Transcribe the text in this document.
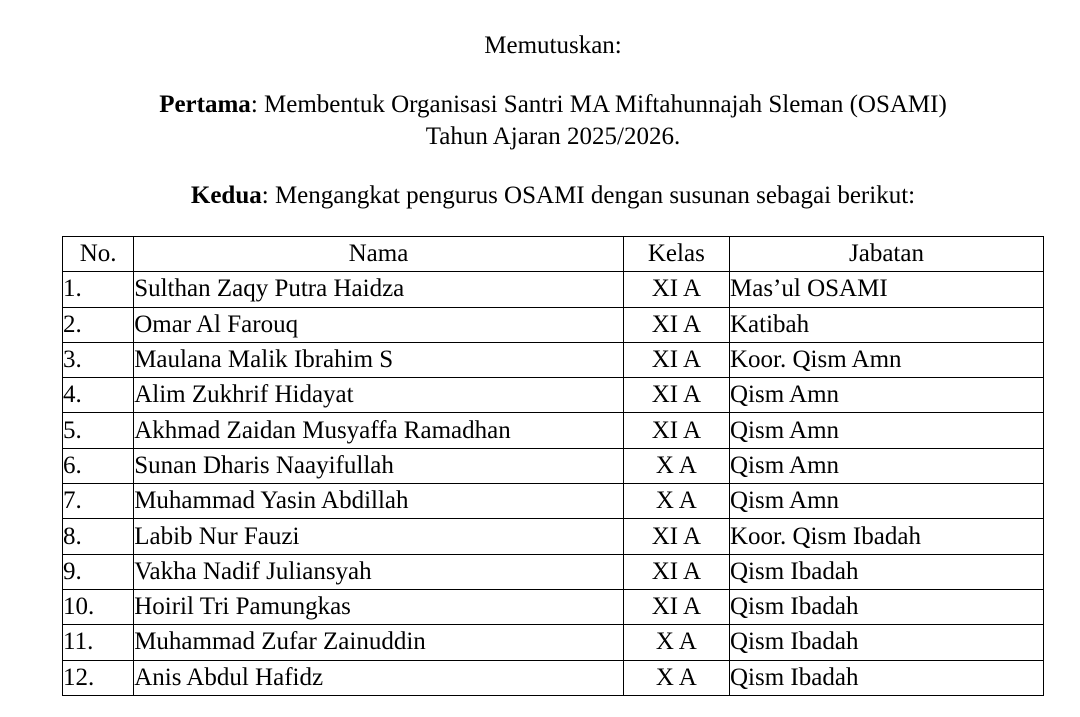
Memutuskan:
Pertama: Membentuk Organisasi Santri MA Miftahunnajah Sleman (OSAMI)
Tahun Ajaran 2025/2026.
Kedua: Mengangkat pengurus OSAMI dengan susunan sebagai berikut:
No.	Nama	Kelas	Jabatan
1.	Sulthan Zaqy Putra Haidza	XI A	Mas’ul OSAMI
2.	Omar Al Farouq	XI A	Katibah
3.	Maulana Malik Ibrahim S	XI A	Koor. Qism Amn
4.	Alim Zukhrif Hidayat	XI A	Qism Amn
5.	Akhmad Zaidan Musyaffa Ramadhan	XI A	Qism Amn
6.	Sunan Dharis Naayifullah	X A	Qism Amn
7.	Muhammad Yasin Abdillah	X A	Qism Amn
8.	Labib Nur Fauzi	XI A	Koor. Qism Ibadah
9.	Vakha Nadif Juliansyah	XI A	Qism Ibadah
10.	Hoiril Tri Pamungkas	XI A	Qism Ibadah
11.	Muhammad Zufar Zainuddin	X A	Qism Ibadah
12.	Anis Abdul Hafidz	X A	Qism Ibadah
